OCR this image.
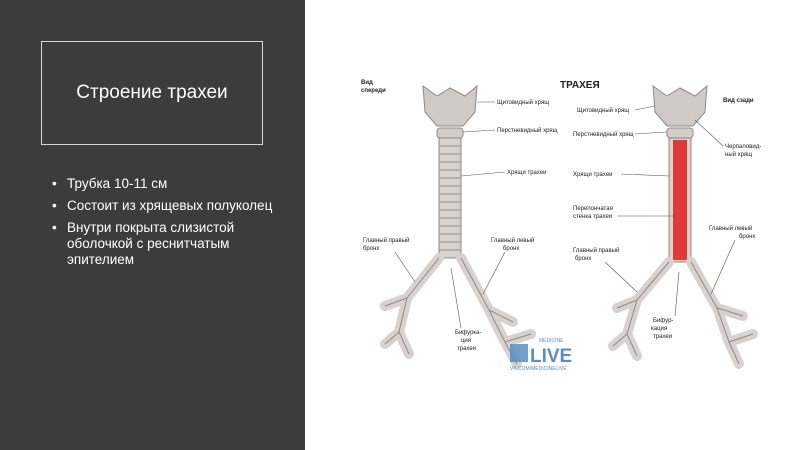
Строение трахеи
• Трубка 10-11 см
• Состоит из хрящевых полуколец
• Внутри покрыта слизистой оболочкой с реснитчатым эпителием
ТРАХЕЯ
Вид
спереди
Вид сзади
Щитовидный хрящ
Перстневидный хрящ
Хрящи трахеи
Главный правый
бронх
Главный левый
бронх
Бифурка-
ция
трахеи
Щитовидный хрящ
Перстневидный хрящ
Черпаловид-
ный хрящ
Хрящи трахеи
Перепончатая
стенка трахеи
Главный правый
бронх
Главный левый
бронх
Бифур-
кация
трахеи
MEDICINE
LIVE
VK.COM/MEDICINELIVE
